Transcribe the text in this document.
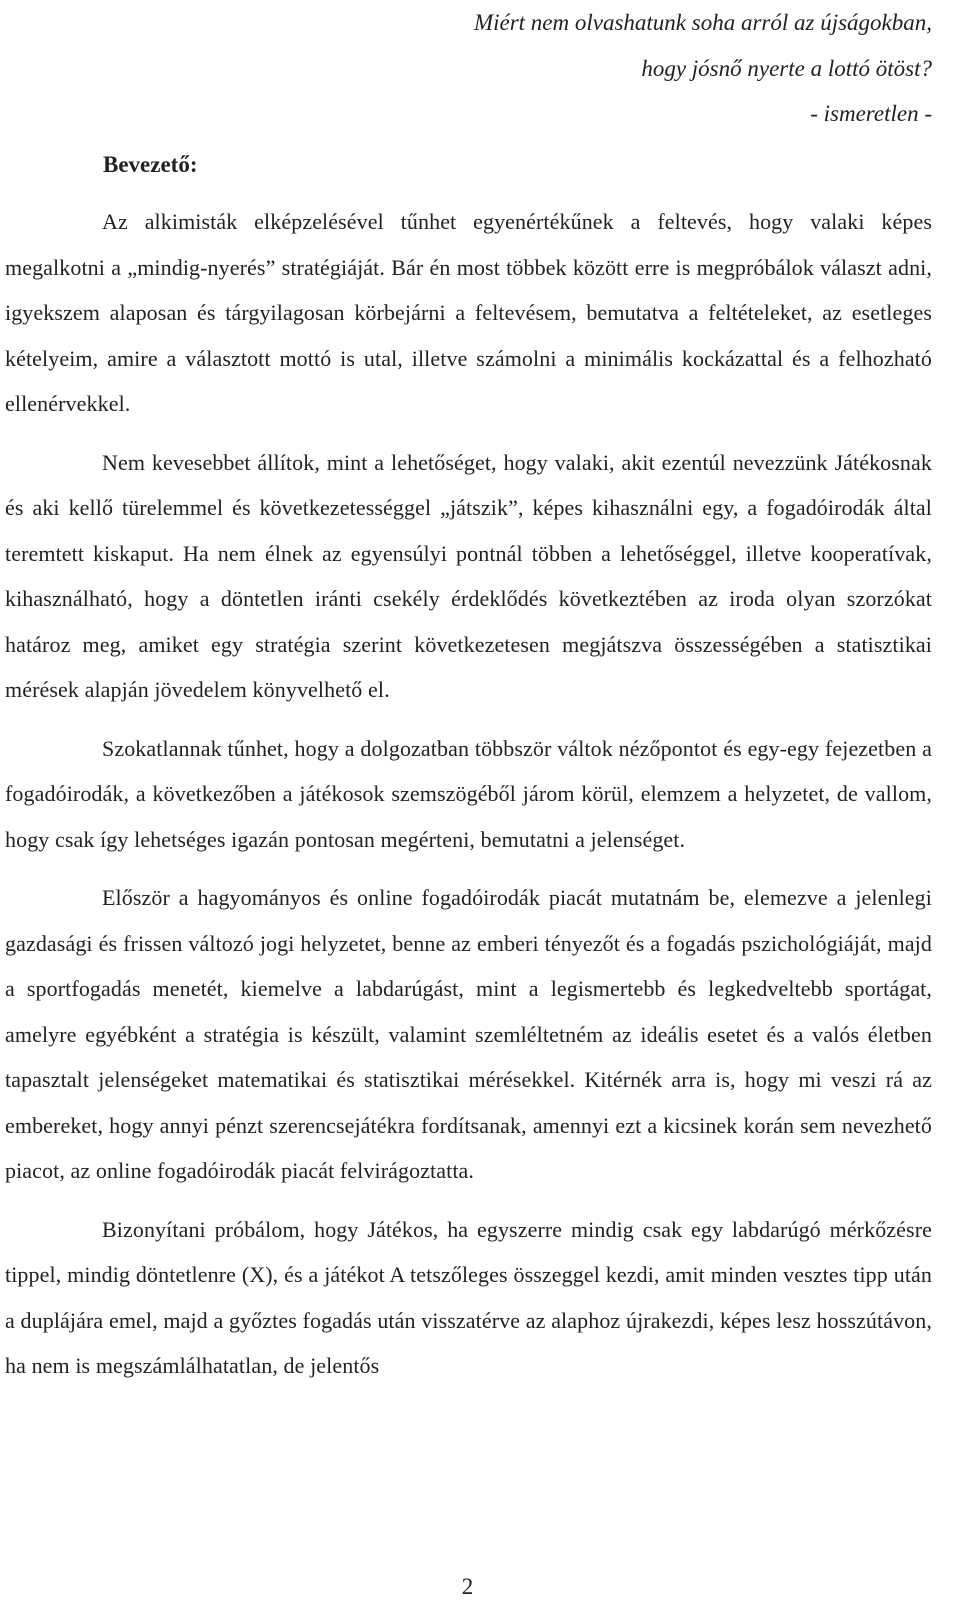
Miért nem olvashatunk soha arról az újságokban,
hogy jósnő nyerte a lottó ötöst?
- ismeretlen -
Bevezető:

Az alkimisták elképzelésével tűnhet egyenértékűnek a feltevés, hogy valaki képes megalkotni a „mindig-nyerés” stratégiáját. Bár én most többek között erre is megpróbálok választ adni, igyekszem alaposan és tárgyilagosan körbejárni a feltevésem, bemutatva a feltételeket, az esetleges kételyeim, amire a választott mottó is utal, illetve számolni a minimális kockázattal és a felhozható ellenérvekkel.

Nem kevesebbet állítok, mint a lehetőséget, hogy valaki, akit ezentúl nevezzünk Játékosnak és aki kellő türelemmel és következetességgel „játszik”, képes kihasználni egy, a fogadóirodák által teremtett kiskaput. Ha nem élnek az egyensúlyi pontnál többen a lehetőséggel, illetve kooperatívak, kihasználható, hogy a döntetlen iránti csekély érdeklődés következtében az iroda olyan szorzókat határoz meg, amiket egy stratégia szerint következetesen megjátszva összességében a statisztikai mérések alapján jövedelem könyvelhető el.

Szokatlannak tűnhet, hogy a dolgozatban többször váltok nézőpontot és egy-egy fejezetben a fogadóirodák, a következőben a játékosok szemszögéből járom körül, elemzem a helyzetet, de vallom, hogy csak így lehetséges igazán pontosan megérteni, bemutatni a jelenséget.

Először a hagyományos és online fogadóirodák piacát mutatnám be, elemezve a jelenlegi gazdasági és frissen változó jogi helyzetet, benne az emberi tényezőt és a fogadás pszichológiáját, majd a sportfogadás menetét, kiemelve a labdarúgást, mint a legismertebb és legkedveltebb sportágat, amelyre egyébként a stratégia is készült, valamint szemléltetném az ideális esetet és a valós életben tapasztalt jelenségeket matematikai és statisztikai mérésekkel. Kitérnék arra is, hogy mi veszi rá az embereket, hogy annyi pénzt szerencsejátékra fordítsanak, amennyi ezt a kicsinek korán sem nevezhető piacot, az online fogadóirodák piacát felvirágoztatta.

Bizonyítani próbálom, hogy Játékos, ha egyszerre mindig csak egy labdarúgó mérkőzésre tippel, mindig döntetlenre (X), és a játékot A tetszőleges összeggel kezdi, amit minden vesztes tipp után a duplájára emel, majd a győztes fogadás után visszatérve az alaphoz újrakezdi, képes lesz hosszútávon, ha nem is megszámlálhatatlan, de jelentős

2
